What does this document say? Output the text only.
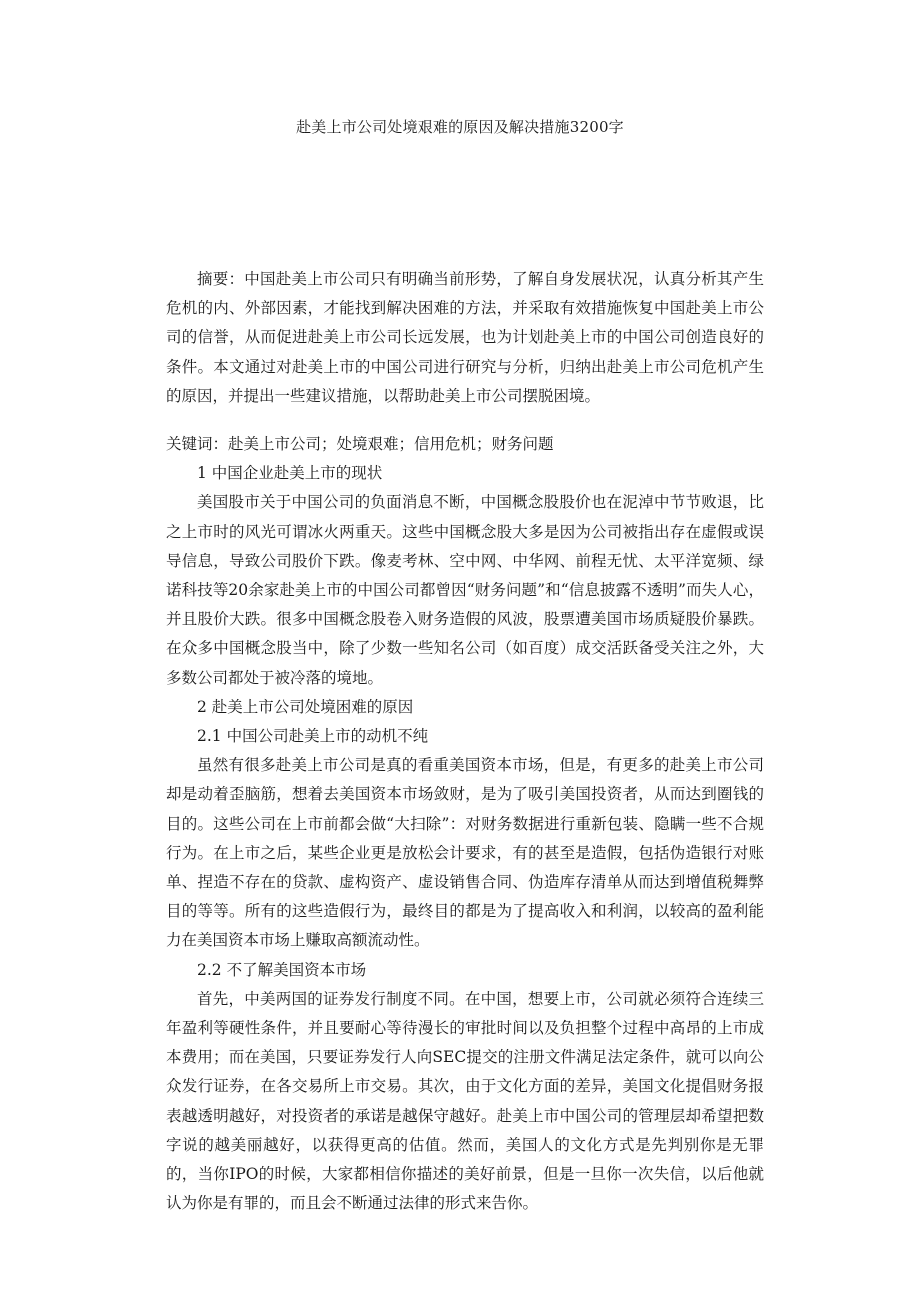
赴美上市公司处境艰难的原因及解决措施3200字

摘要：中国赴美上市公司只有明确当前形势，了解自身发展状况，认真分析其产生危机的内、外部因素，才能找到解决困难的方法，并采取有效措施恢复中国赴美上市公司的信誉，从而促进赴美上市公司长远发展，也为计划赴美上市的中国公司创造良好的条件。本文通过对赴美上市的中国公司进行研究与分析，归纳出赴美上市公司危机产生的原因，并提出一些建议措施，以帮助赴美上市公司摆脱困境。

关键词：赴美上市公司；处境艰难；信用危机；财务问题

1 中国企业赴美上市的现状

美国股市关于中国公司的负面消息不断，中国概念股股价也在泥淖中节节败退，比之上市时的风光可谓冰火两重天。这些中国概念股大多是因为公司被指出存在虚假或误导信息，导致公司股价下跌。像麦考林、空中网、中华网、前程无忧、太平洋宽频、绿诺科技等20余家赴美上市的中国公司都曾因“财务问题”和“信息披露不透明”而失人心，并且股价大跌。很多中国概念股卷入财务造假的风波，股票遭美国市场质疑股价暴跌。在众多中国概念股当中，除了少数一些知名公司（如百度）成交活跃备受关注之外，大多数公司都处于被冷落的境地。

2 赴美上市公司处境困难的原因

2.1 中国公司赴美上市的动机不纯

虽然有很多赴美上市公司是真的看重美国资本市场，但是，有更多的赴美上市公司却是动着歪脑筋，想着去美国资本市场敛财，是为了吸引美国投资者，从而达到圈钱的目的。这些公司在上市前都会做“大扫除”：对财务数据进行重新包装、隐瞒一些不合规行为。在上市之后，某些企业更是放松会计要求，有的甚至是造假，包括伪造银行对账单、捏造不存在的贷款、虚构资产、虚设销售合同、伪造库存清单从而达到增值税舞弊目的等等。所有的这些造假行为，最终目的都是为了提高收入和利润，以较高的盈利能力在美国资本市场上赚取高额流动性。

2.2 不了解美国资本市场

首先，中美两国的证券发行制度不同。在中国，想要上市，公司就必须符合连续三年盈利等硬性条件，并且要耐心等待漫长的审批时间以及负担整个过程中高昂的上市成本费用；而在美国，只要证券发行人向SEC提交的注册文件满足法定条件，就可以向公众发行证券，在各交易所上市交易。其次，由于文化方面的差异，美国文化提倡财务报表越透明越好，对投资者的承诺是越保守越好。赴美上市中国公司的管理层却希望把数字说的越美丽越好，以获得更高的估值。然而，美国人的文化方式是先判别你是无罪的，当你IPO的时候，大家都相信你描述的美好前景，但是一旦你一次失信，以后他就认为你是有罪的，而且会不断通过法律的形式来告你。
